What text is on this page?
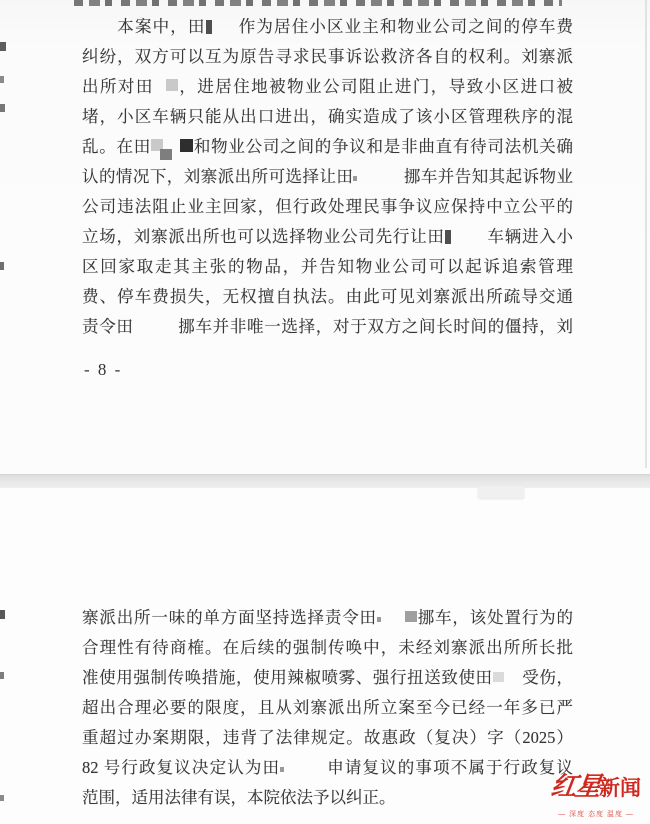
　　本案中，田 作为居住小区业主和物业公司之间的停车费
纠纷，双方可以互为原告寻求民事诉讼救济各自的权利。刘寨派
出所对田 ，进居住地被物业公司阻止进门，导致小区进口被
堵，小区车辆只能从出口进出，确实造成了该小区管理秩序的混
乱。在田	和物业公司之间的争议和是非曲直有待司法机关确
认的情况下，刘寨派出所可选择让田	挪车并告知其起诉物业
公司违法阻止业主回家，但行政处理民事争议应保持中立公平的
立场，刘寨派出所也可以选择物业公司先行让田	车辆进入小
区回家取走其主张的物品，并告知物业公司可以起诉追索管理
费、停车费损失，无权擅自执法。由此可见刘寨派出所疏导交通
责令田	挪车并非唯一选择，对于双方之间长时间的僵持，刘
- 8 -
寨派出所一味的单方面坚持选择责令田 挪车，该处置行为的
合理性有待商榷。在后续的强制传唤中，未经刘寨派出所所长批
准使用强制传唤措施，使用辣椒喷雾、强行扭送致使田 受伤，
超出合理必要的限度，且从刘寨派出所立案至今已经一年多已严
重超过办案期限，违背了法律规定。故惠政（复决）字（2025）
82 号行政复议决定认为田	申请复议的事项不属于行政复议
范围，适用法律有误，本院依法予以纠正。	红星新闻
— 深度 态度 温度 —
